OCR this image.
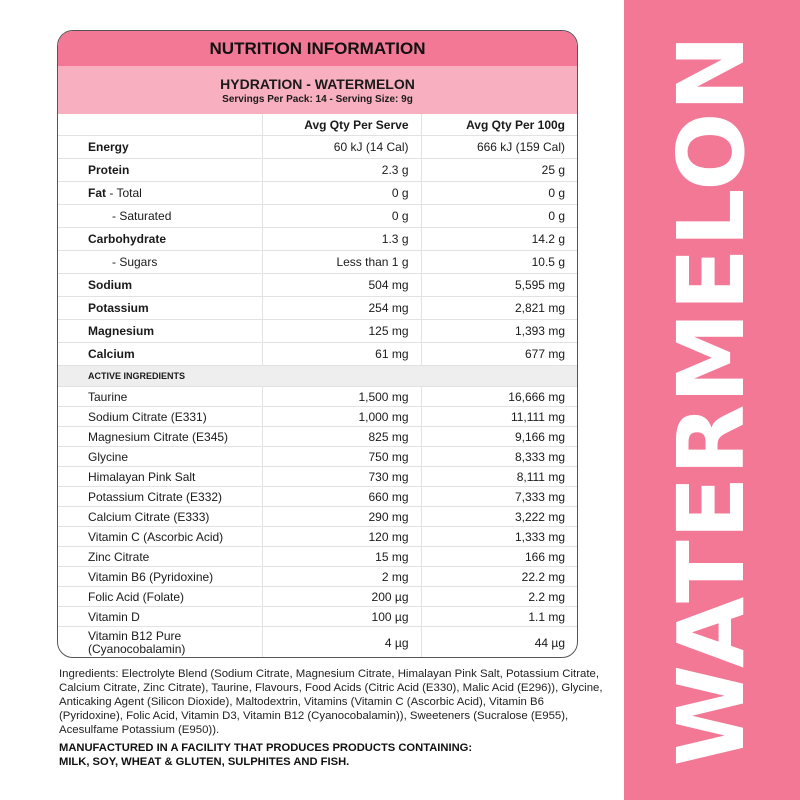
WATERMELON
NUTRITION INFORMATION
HYDRATION - WATERMELON
Servings Per Pack: 14 - Serving Size: 9g
	Avg Qty Per Serve	Avg Qty Per 100g
Energy	60 kJ (14 Cal)	666 kJ (159 Cal)
Protein	2.3 g	25 g
Fat - Total	0 g	0 g
- Saturated	0 g	0 g
Carbohydrate	1.3 g	14.2 g
- Sugars	Less than 1 g	10.5 g
Sodium	504 mg	5,595 mg
Potassium	254 mg	2,821 mg
Magnesium	125 mg	1,393 mg
Calcium	61 mg	677 mg
ACTIVE INGREDIENTS		
Taurine	1,500 mg	16,666 mg
Sodium Citrate (E331)	1,000 mg	11,111 mg
Magnesium Citrate (E345)	825 mg	9,166 mg
Glycine	750 mg	8,333 mg
Himalayan Pink Salt	730 mg	8,111 mg
Potassium Citrate (E332)	660 mg	7,333 mg
Calcium Citrate (E333)	290 mg	3,222 mg
Vitamin C (Ascorbic Acid)	120 mg	1,333 mg
Zinc Citrate	15 mg	166 mg
Vitamin B6 (Pyridoxine)	2 mg	22.2 mg
Folic Acid (Folate)	200 µg	2.2 mg
Vitamin D	100 µg	1.1 mg

Vitamin B12 Pure
(Cyanocobalamin)	4 µg	44 µg
Ingredients: Electrolyte Blend (Sodium Citrate, Magnesium Citrate, Himalayan Pink Salt, Potassium Citrate, Calcium Citrate, Zinc Citrate), Taurine, Flavours, Food Acids (Citric Acid (E330), Malic Acid (E296)), Glycine, Anticaking Agent (Silicon Dioxide), Maltodextrin, Vitamins (Vitamin C (Ascorbic Acid), Vitamin B6 (Pyridoxine), Folic Acid, Vitamin D3, Vitamin B12 (Cyanocobalamin)), Sweeteners (Sucralose (E955), Acesulfame Potassium (E950)).
MANUFACTURED IN A FACILITY THAT PRODUCES PRODUCTS CONTAINING:
MILK, SOY, WHEAT & GLUTEN, SULPHITES AND FISH.
